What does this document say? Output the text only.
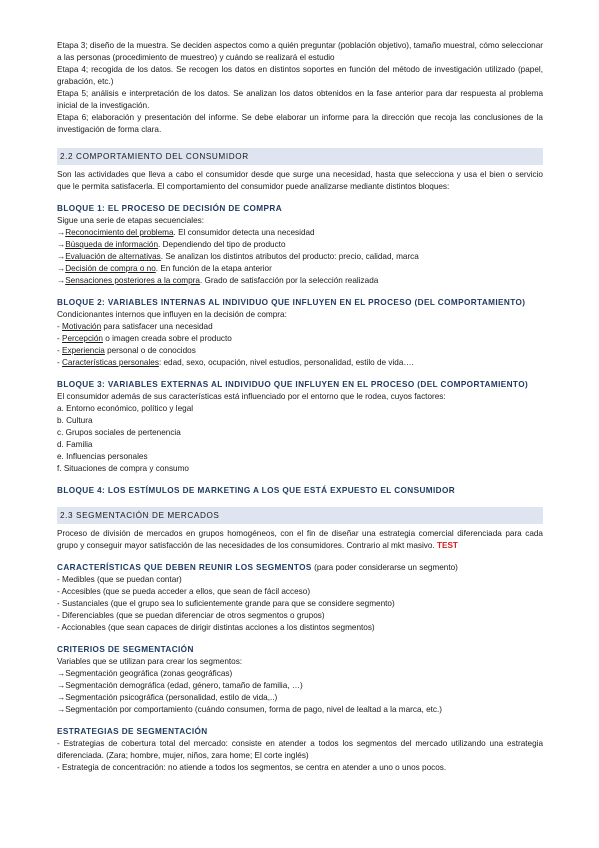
Etapa 3; diseño de la muestra. Se deciden aspectos como a quién preguntar (población objetivo), tamaño muestral, cómo seleccionar a las personas (procedimiento de muestreo) y cuándo se realizará el estudio

Etapa 4; recogida de los datos. Se recogen los datos en distintos soportes en función del método de investigación utilizado (papel, grabación, etc.)

Etapa 5; análisis e interpretación de los datos. Se analizan los datos obtenidos en la fase anterior para dar respuesta al problema inicial de la investigación.

Etapa 6; elaboración y presentación del informe. Se debe elaborar un informe para la dirección que recoja las conclusiones de la investigación de forma clara.

2.2 COMPORTAMIENTO DEL CONSUMIDOR

Son las actividades que lleva a cabo el consumidor desde que surge una necesidad, hasta que selecciona y usa el bien o servicio que le permita satisfacerla. El comportamiento del consumidor puede analizarse mediante distintos bloques:

BLOQUE 1: EL PROCESO DE DECISIÓN DE COMPRA

Sigue una serie de etapas secuenciales:

→Reconocimiento del problema. El consumidor detecta una necesidad

→Búsqueda de información. Dependiendo del tipo de producto

→Evaluación de alternativas. Se analizan los distintos atributos del producto: precio, calidad, marca

→Decisión de compra o no. En función de la etapa anterior

→Sensaciones posteriores a la compra. Grado de satisfacción por la selección realizada

BLOQUE 2: VARIABLES INTERNAS AL INDIVIDUO QUE INFLUYEN EN EL PROCESO (DEL COMPORTAMIENTO)

Condicionantes internos que influyen en la decisión de compra:

- Motivación para satisfacer una necesidad

- Percepción o imagen creada sobre el producto

- Experiencia personal o de conocidos

- Características personales: edad, sexo, ocupación, nivel estudios, personalidad, estilo de vida….

BLOQUE 3: VARIABLES EXTERNAS AL INDIVIDUO QUE INFLUYEN EN EL PROCESO (DEL COMPORTAMIENTO)

El consumidor además de sus características está influenciado por el entorno que le rodea, cuyos factores:

a. Entorno económico, político y legal

b. Cultura

c. Grupos sociales de pertenencia

d. Familia

e. Influencias personales

f. Situaciones de compra y consumo

BLOQUE 4: LOS ESTÍMULOS DE MARKETING A LOS QUE ESTÁ EXPUESTO EL CONSUMIDOR

2.3 SEGMENTACIÓN DE MERCADOS

Proceso de división de mercados en grupos homogéneos, con el fin de diseñar una estrategia comercial diferenciada para cada grupo y conseguir mayor satisfacción de las necesidades de los consumidores. Contrario al mkt masivo. TEST

CARACTERÍSTICAS QUE DEBEN REUNIR LOS SEGMENTOS (para poder considerarse un segmento)

- Medibles (que se puedan contar)

- Accesibles (que se pueda acceder a ellos, que sean de fácil acceso)

- Sustanciales (que el grupo sea lo suficientemente grande para que se considere segmento)

- Diferenciables (que se puedan diferenciar de otros segmentos o grupos)

- Accionables (que sean capaces de dirigir distintas acciones a los distintos segmentos)

CRITERIOS DE SEGMENTACIÓN

Variables que se utilizan para crear los segmentos:

→Segmentación geográfica (zonas geográficas)

→Segmentación demográfica (edad, género, tamaño de familia, …)

→Segmentación psicográfica (personalidad, estilo de vida,..)

→Segmentación por comportamiento (cuándo consumen, forma de pago, nivel de lealtad a la marca, etc.)

ESTRATEGIAS DE SEGMENTACIÓN

- Estrategias de cobertura total del mercado: consiste en atender a todos los segmentos del mercado utilizando una estrategia diferenciada. (Zara; hombre, mujer, niños, zara home; El corte inglés)

- Estrategia de concentración: no atiende a todos los segmentos, se centra en atender a uno o unos pocos.
